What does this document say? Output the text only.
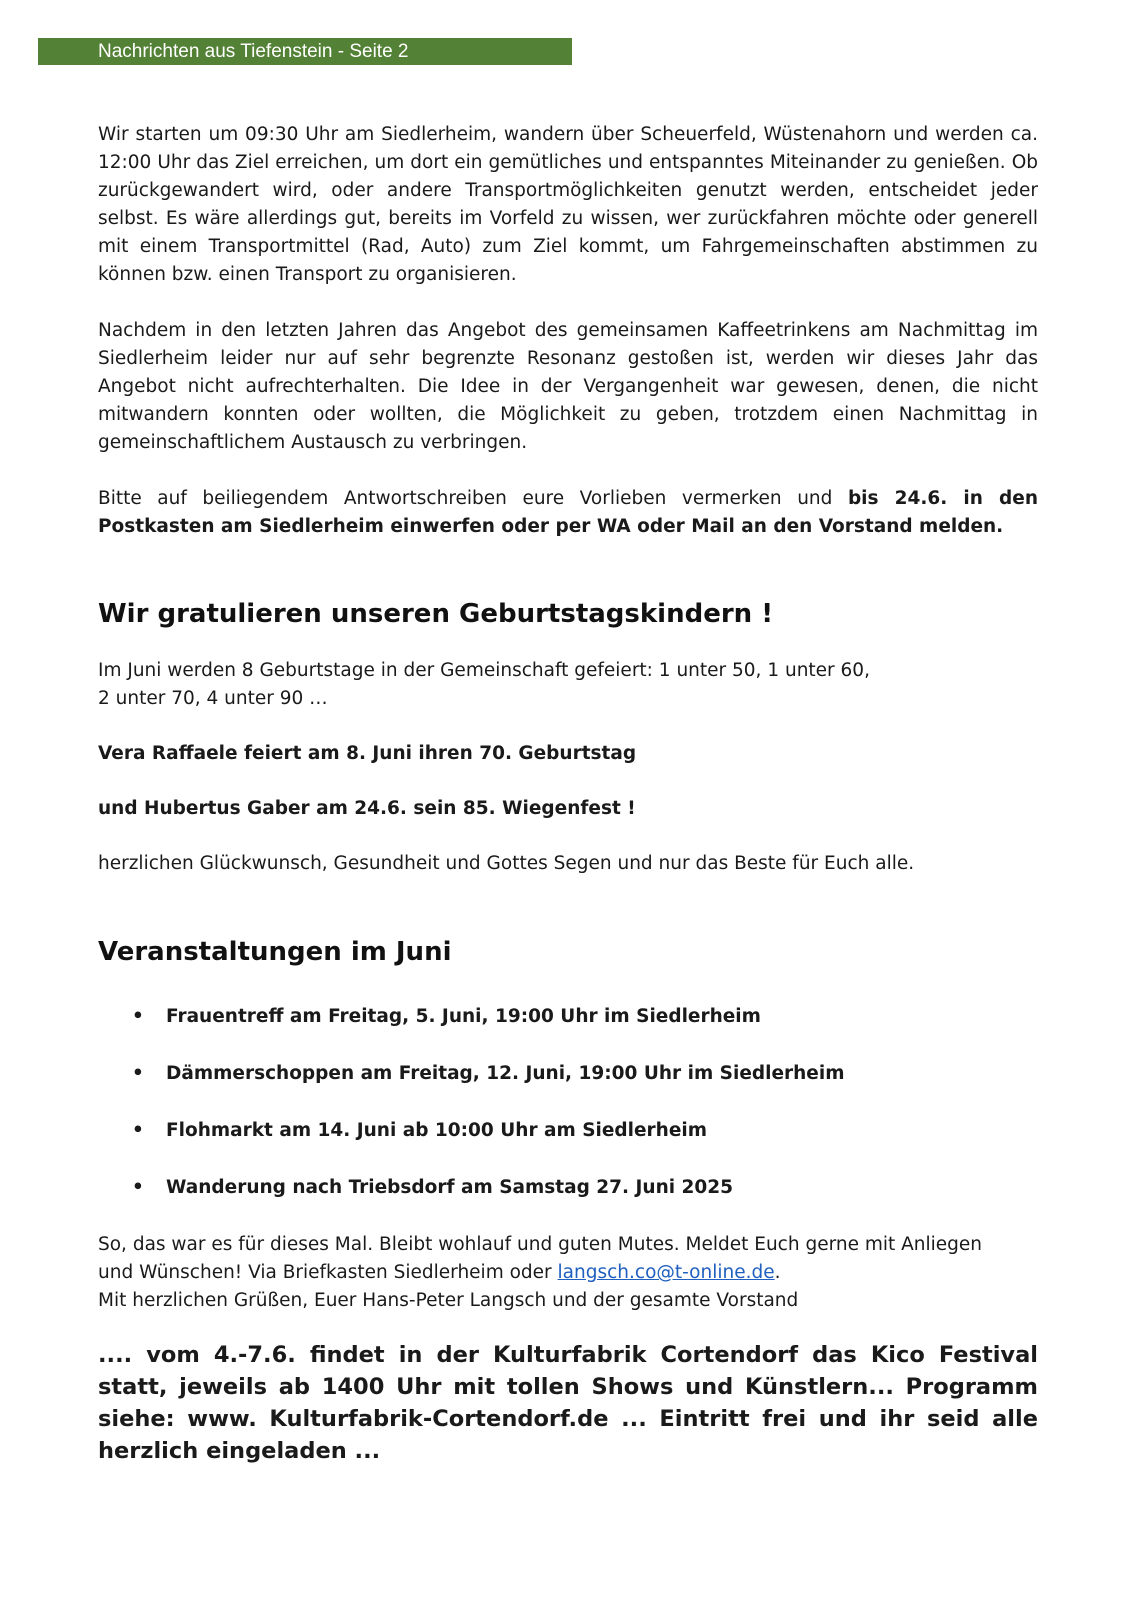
Nachrichten aus Tiefenstein - Seite 2

Wir starten um 09:30 Uhr am Siedlerheim, wandern über Scheuerfeld, Wüstenahorn und werden ca. 12:00 Uhr das Ziel erreichen, um dort ein gemütliches und entspanntes Miteinander zu genießen. Ob zurückgewandert wird, oder andere Transportmöglichkeiten genutzt werden, entscheidet jeder selbst. Es wäre allerdings gut, bereits im Vorfeld zu wissen, wer zurückfahren möchte oder generell mit einem Transportmittel (Rad, Auto) zum Ziel kommt, um Fahrgemeinschaften abstimmen zu können bzw. einen Transport zu organisieren.

Nachdem in den letzten Jahren das Angebot des gemeinsamen Kaffeetrinkens am Nachmittag im Siedlerheim leider nur auf sehr begrenzte Resonanz gestoßen ist, werden wir dieses Jahr das Angebot nicht aufrechterhalten. Die Idee in der Vergangenheit war gewesen, denen, die nicht mitwandern konnten oder wollten, die Möglichkeit zu geben, trotzdem einen Nachmittag in gemeinschaftlichem Austausch zu verbringen.

Bitte auf beiliegendem Antwortschreiben eure Vorlieben vermerken und bis 24.6. in den Postkasten am Siedlerheim einwerfen oder per WA oder Mail an den Vorstand melden.

Wir gratulieren unseren Geburtstagskindern !

Im Juni werden 8 Geburtstage in der Gemeinschaft gefeiert: 1 unter 50, 1 unter 60,
2 unter 70, 4 unter 90 …

Vera Raffaele feiert am 8. Juni ihren 70. Geburtstag

und Hubertus Gaber am 24.6. sein 85. Wiegenfest !

herzlichen Glückwunsch, Gesundheit und Gottes Segen und nur das Beste für Euch alle.

Veranstaltungen im Juni
• Frauentreff am Freitag, 5. Juni, 19:00 Uhr im Siedlerheim
• Dämmerschoppen am Freitag, 12. Juni, 19:00 Uhr im Siedlerheim
• Flohmarkt am 14. Juni ab 10:00 Uhr am Siedlerheim
• Wanderung nach Triebsdorf am Samstag 27. Juni 2025

So, das war es für dieses Mal. Bleibt wohlauf und guten Mutes. Meldet Euch gerne mit Anliegen
und Wünschen! Via Briefkasten Siedlerheim oder langsch.co@t-online.de.
Mit herzlichen Grüßen, Euer Hans-Peter Langsch und der gesamte Vorstand

.... vom 4.-7.6. findet in der Kulturfabrik Cortendorf das Kico Festival statt, jeweils ab 1400 Uhr mit tollen Shows und Künstlern... Programm siehe: www. Kulturfabrik-Cortendorf.de ... Eintritt frei und ihr seid alle herzlich eingeladen ...
